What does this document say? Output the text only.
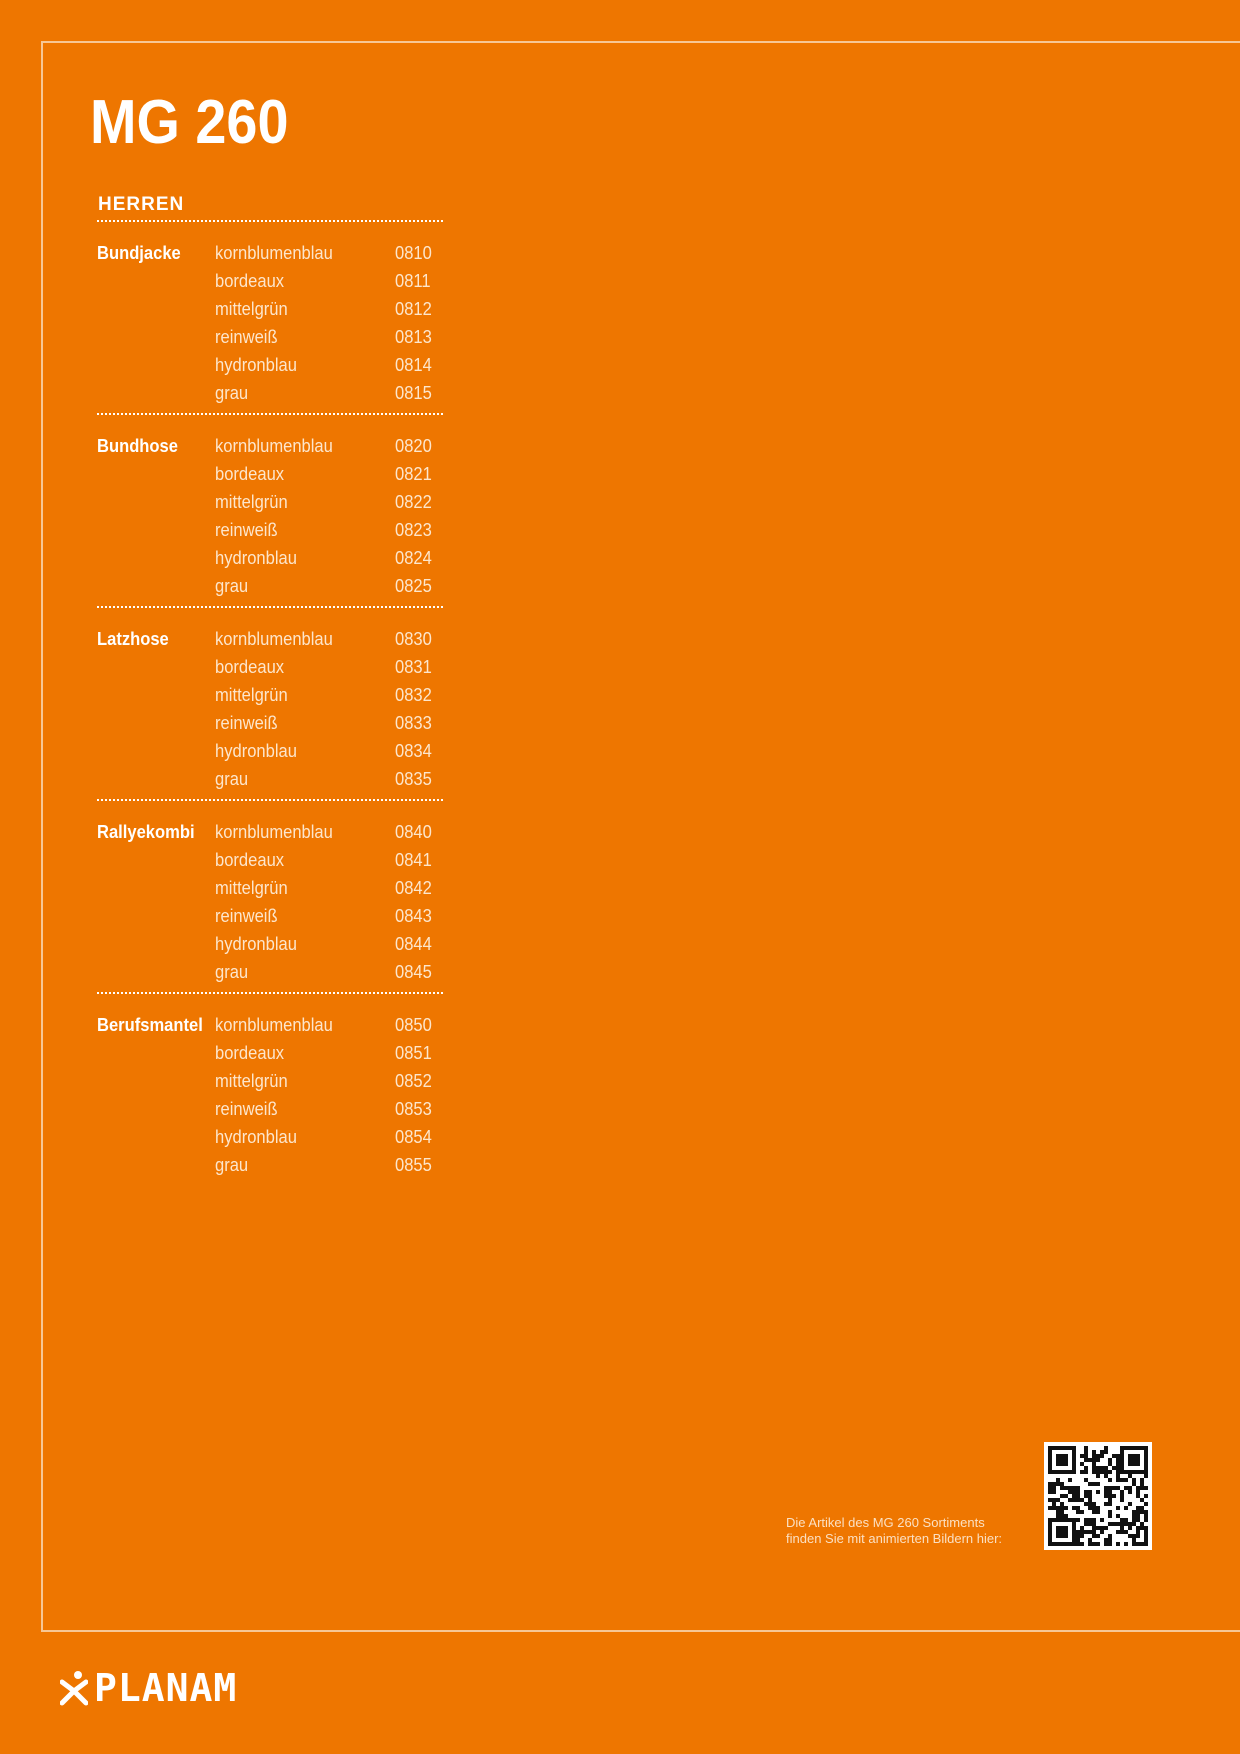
MG 260
HERREN
Bundjacke	kornblumenblau	0810
bordeaux	0811
mittelgrün	0812
reinweiß	0813
hydronblau	0814
grau	0815
Bundhose	kornblumenblau	0820
bordeaux	0821
mittelgrün	0822
reinweiß	0823
hydronblau	0824
grau	0825
Latzhose	kornblumenblau	0830
bordeaux	0831
mittelgrün	0832
reinweiß	0833
hydronblau	0834
grau	0835
Rallyekombi	kornblumenblau	0840
bordeaux	0841
mittelgrün	0842
reinweiß	0843
hydronblau	0844
grau	0845
Berufsmantel kornblumenblau	0850
bordeaux	0851
mittelgrün	0852
reinweiß	0853
hydronblau	0854
grau	0855
Die Artikel des MG 260 Sortiments
finden Sie mit animierten Bildern hier:
PLANAM
